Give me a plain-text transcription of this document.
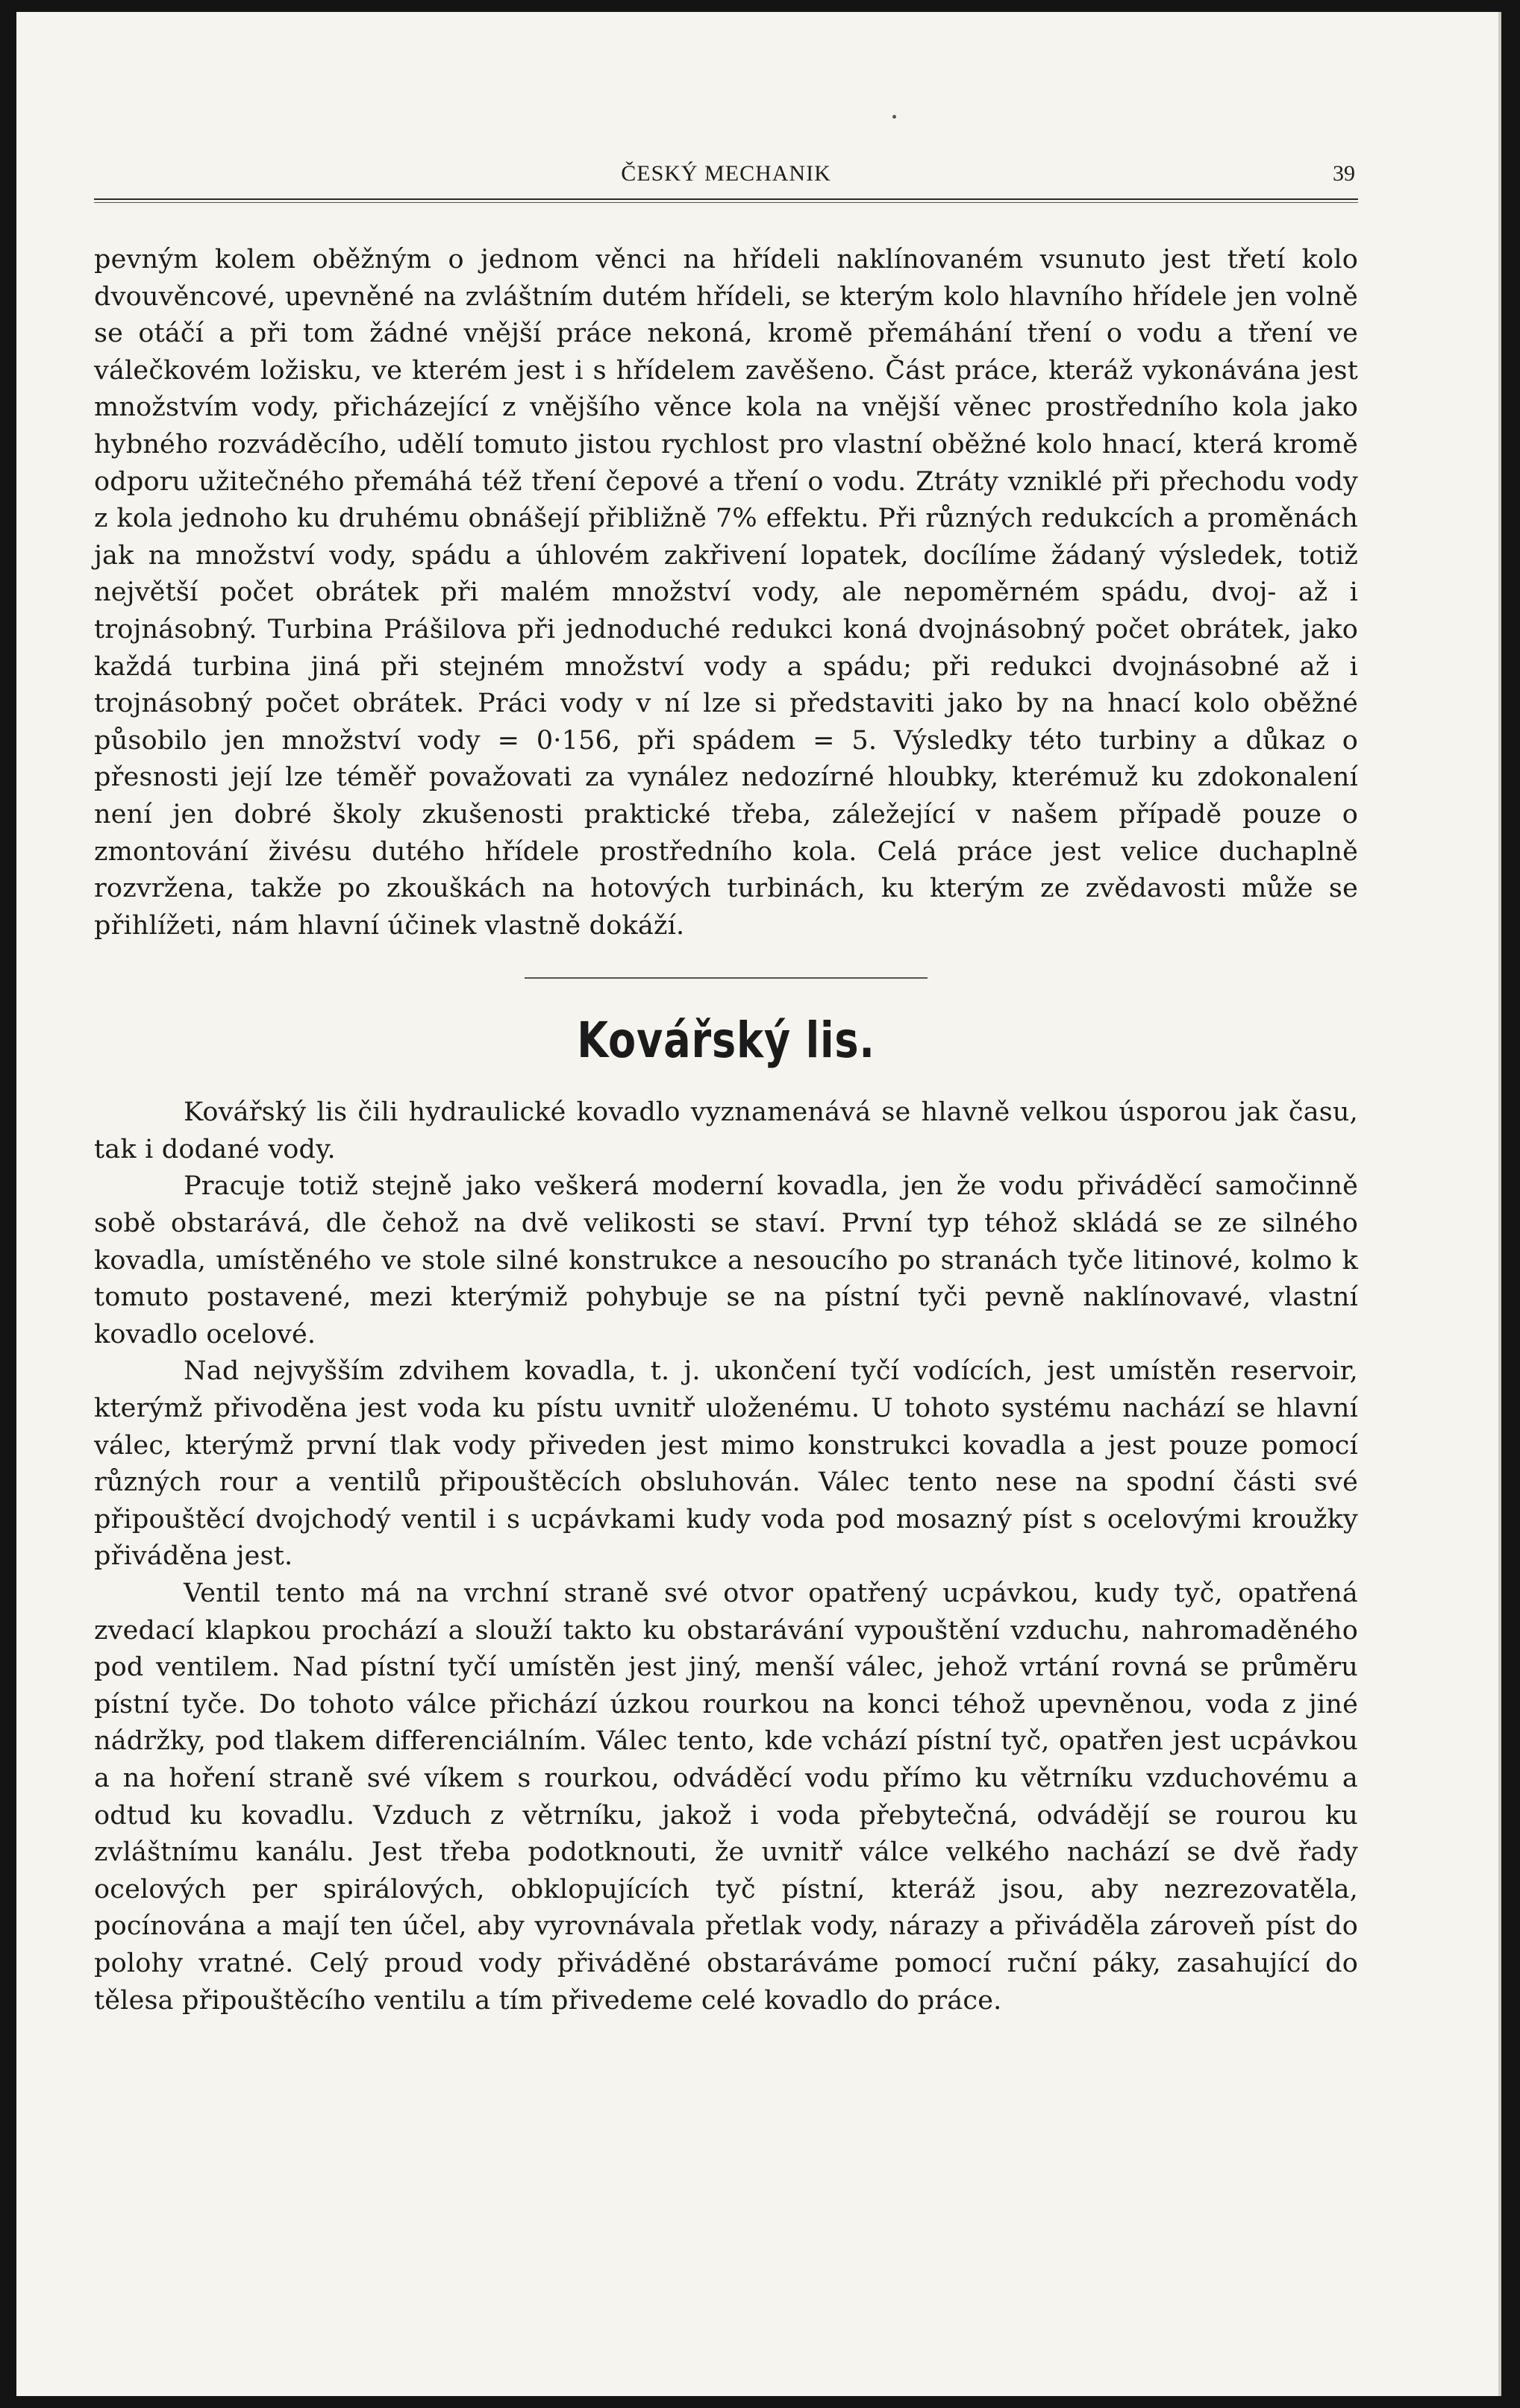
ČESKÝ MECHANIK	39

pevným kolem oběžným o jednom věnci na hřídeli naklínovaném vsunuto jest třetí kolo dvouvěncové, upevněné na zvláštním dutém hřídeli, se kterým kolo hlavního hřídele jen volně se otáčí a při tom žádné vnější práce nekoná, kromě přemáhání tření o vodu a tření ve válečkovém ložisku, ve kterém jest i s hřídelem zavěšeno. Část práce, kteráž vykonávána jest množstvím vody, přicházející z vnějšího věnce kola na vnější věnec prostředního kola jako hybného rozváděcího, udělí tomuto jistou rychlost pro vlastní oběžné kolo hnací, která kromě odporu užitečného přemáhá též tření čepové a tření o vodu. Ztráty vzniklé při přechodu vody z kola jednoho ku druhému obnášejí přibližně 7% effektu. Při různých redukcích a proměnách jak na množství vody, spádu a úhlovém zakřivení lopatek, docílíme žádaný výsledek, totiž největší počet obrátek při malém množství vody, ale nepoměrném spádu, dvoj- až i trojnásobný. Turbina Prášilova při jednoduché redukci koná dvojnásobný počet obrátek, jako každá turbina jiná při stejném množství vody a spádu; při redukci dvojnásobné až i trojnásobný počet obrátek. Práci vody v ní lze si představiti jako by na hnací kolo oběžné působilo jen množství vody = 0·156, při spádem = 5. Výsledky této turbiny a důkaz o přesnosti její lze téměř považovati za vynález nedozírné hloubky, kterémuž ku zdokonalení není jen dobré školy zkušenosti praktické třeba, záležející v našem případě pouze o zmontování živésu dutého hřídele prostředního kola. Celá práce jest velice duchaplně rozvržena, takže po zkouškách na hotových turbinách, ku kterým ze zvědavosti může se přihlížeti, nám hlavní účinek vlastně dokáží.

Kovářský lis.

Kovářský lis čili hydraulické kovadlo vyznamenává se hlavně velkou úsporou jak času, tak i dodané vody.

Pracuje totiž stejně jako veškerá moderní kovadla, jen že vodu přiváděcí samočinně sobě obstarává, dle čehož na dvě velikosti se staví. První typ téhož skládá se ze silného kovadla, umístěného ve stole silné konstrukce a nesoucího po stranách tyče litinové, kolmo k tomuto postavené, mezi kterýmiž pohybuje se na pístní tyči pevně naklínovavé, vlastní kovadlo ocelové.

Nad nejvyšším zdvihem kovadla, t. j. ukončení tyčí vodících, jest umístěn reservoir, kterýmž přivoděna jest voda ku pístu uvnitř uloženému. U tohoto systému nachází se hlavní válec, kterýmž první tlak vody přiveden jest mimo konstrukci kovadla a jest pouze pomocí různých rour a ventilů připouštěcích obsluhován. Válec tento nese na spodní části své připouštěcí dvojchodý ventil i s ucpávkami kudy voda pod mosazný píst s ocelovými kroužky přiváděna jest.

Ventil tento má na vrchní straně své otvor opatřený ucpávkou, kudy tyč, opatřená zvedací klapkou prochází a slouží takto ku obstarávání vypouštění vzduchu, nahromaděného pod ventilem. Nad pístní tyčí umístěn jest jiný, menší válec, jehož vrtání rovná se průměru pístní tyče. Do tohoto válce přichází úzkou rourkou na konci téhož upevněnou, voda z jiné nádržky, pod tlakem differenciálním. Válec tento, kde vchází pístní tyč, opatřen jest ucpávkou a na hoření straně své víkem s rourkou, odváděcí vodu přímo ku větrníku vzduchovému a odtud ku kovadlu. Vzduch z větrníku, jakož i voda přebytečná, odvádějí se rourou ku zvláštnímu kanálu. Jest třeba podotknouti, že uvnitř válce velkého nachází se dvě řady ocelových per spirálových, obklopujících tyč pístní, kteráž jsou, aby nezrezovatěla, pocínována a mají ten účel, aby vyrovnávala přetlak vody, nárazy a přiváděla zároveň píst do polohy vratné. Celý proud vody přiváděné obstaráváme pomocí ruční páky, zasahující do tělesa připouštěcího ventilu a tím přivedeme celé kovadlo do práce.
